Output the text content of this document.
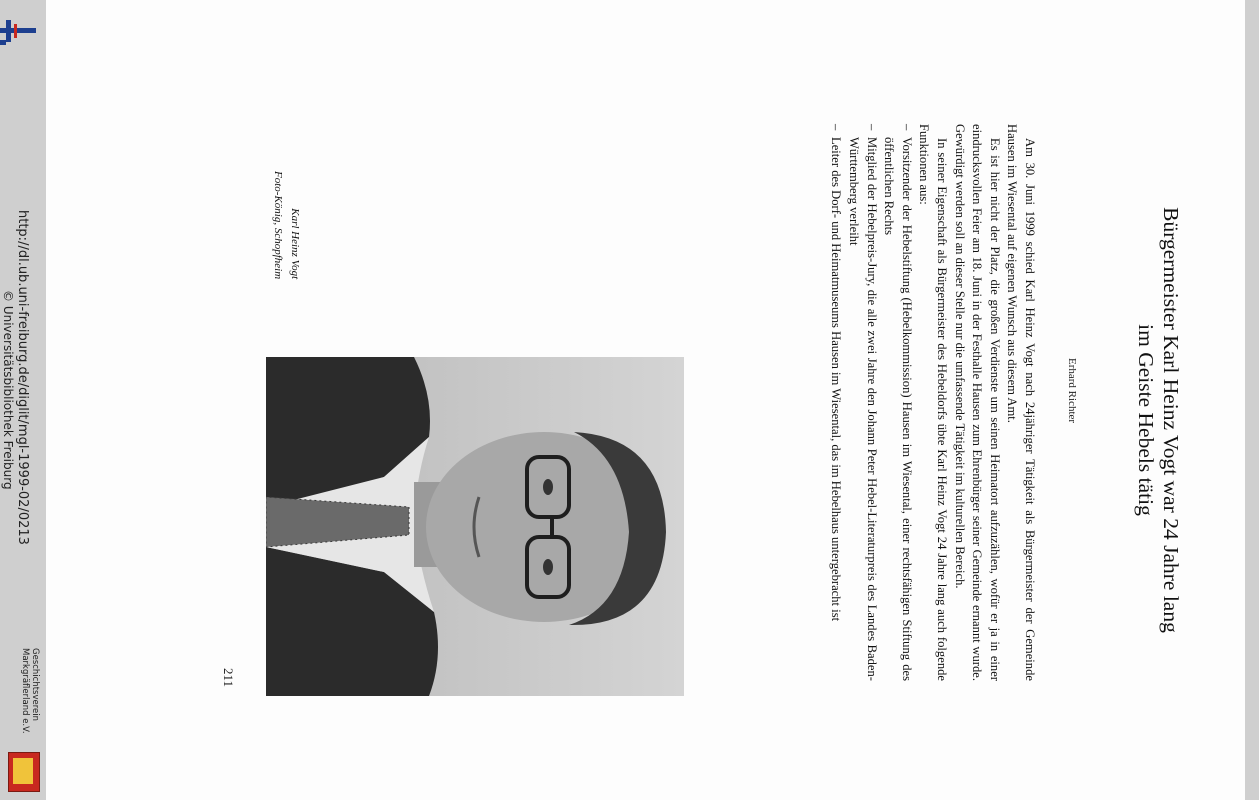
http://dl.ub.uni-freiburg.de/diglit/mgl-1999-02/0213
© Universitätsbibliothek Freiburg
Geschichtsverein
Markgräflerland e.V.
Bürgermeister Karl Heinz Vogt war 24 Jahre lang
im Geiste Hebels tätig
Erhard Richter

Am 30. Juni 1999 schied Karl Heinz Vogt nach 24jähriger Tätigkeit als Bürgermeister der Gemeinde Hausen im Wiesental auf eigenen Wunsch aus diesem Amt.

Es ist hier nicht der Platz, die großen Verdienste um seinen Heimatort aufzuzählen, wofür er ja in einer eindrucksvollen Feier am 18. Juni in der Festhalle Hausen zum Ehrenbürger seiner Gemeinde ernannt wurde. Gewürdigt werden soll an dieser Stelle nur die umfassende Tätigkeit im kulturellen Bereich.

In seiner Eigenschaft als Bürgermeister des Hebeldorfs übte Karl Heinz Vogt 24 Jahre lang auch folgende Funktionen aus:

–
Vorsitzender der Hebelstiftung (Hebelkommission) Hausen im Wiesental, einer rechtsfähigen Stiftung des öffentlichen Rechts
–
Mitglied der Hebelpreis-Jury, die alle zwei Jahre den Johann Peter Hebel-Literaturpreis des Landes Baden-Württemberg verleiht
–
Leiter des Dorf- und Heimatmuseums Hausen im Wiesental, das im Hebelhaus untergebracht ist
Karl Heinz Vogt
Foto-König, Schopfheim
211
